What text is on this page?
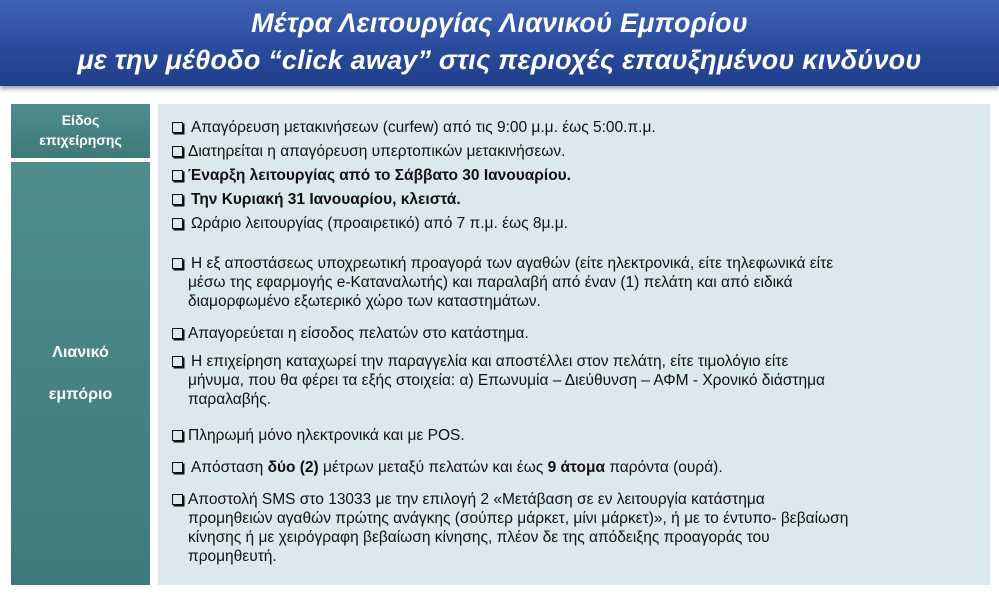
Μέτρα Λειτουργίας Λιανικού Εμπορίου
με την μέθοδο “click away” στις περιοχές επαυξημένου κινδύνου
Είδος
επιχείρησης
Λιανικό
εμπόριο
Απαγόρευση μετακινήσεων (curfew) από τις 9:00 μ.μ. έως 5:00.π.μ.
Διατηρείται η απαγόρευση υπερτοπικών μετακινήσεων.
Έναρξη λειτουργίας από το Σάββατο 30 Ιανουαρίου.
Την Κυριακή 31 Ιανουαρίου, κλειστά.
Ωράριο λειτουργίας (προαιρετικό) από 7 π.μ. έως 8μ.μ.
Η εξ αποστάσεως υποχρεωτική προαγορά των αγαθών (είτε ηλεκτρονικά, είτε τηλεφωνικά είτε
μέσω της εφαρμογής e-Καταναλωτής) και παραλαβή από έναν (1) πελάτη και από ειδικά
διαμορφωμένο εξωτερικό χώρο των καταστημάτων.
Απαγορεύεται η είσοδος πελατών στο κατάστημα.
Η επιχείρηση καταχωρεί την παραγγελία και αποστέλλει στον πελάτη, είτε τιμολόγιο είτε
μήνυμα, που θα φέρει τα εξής στοιχεία: α) Επωνυμία – Διεύθυνση – ΑΦΜ - Χρονικό διάστημα
παραλαβής.
Πληρωμή μόνο ηλεκτρονικά και με POS.
Απόσταση δύο (2) μέτρων μεταξύ πελατών και έως 9 άτομα παρόντα (ουρά).
Αποστολή SMS στο 13033 με την επιλογή 2 «Μετάβαση σε εν λειτουργία κατάστημα
προμηθειών αγαθών πρώτης ανάγκης (σούπερ μάρκετ, μίνι μάρκετ)», ή με το έντυπο- βεβαίωση
κίνησης ή με χειρόγραφη βεβαίωση κίνησης, πλέον δε της απόδειξης προαγοράς του
προμηθευτή.
